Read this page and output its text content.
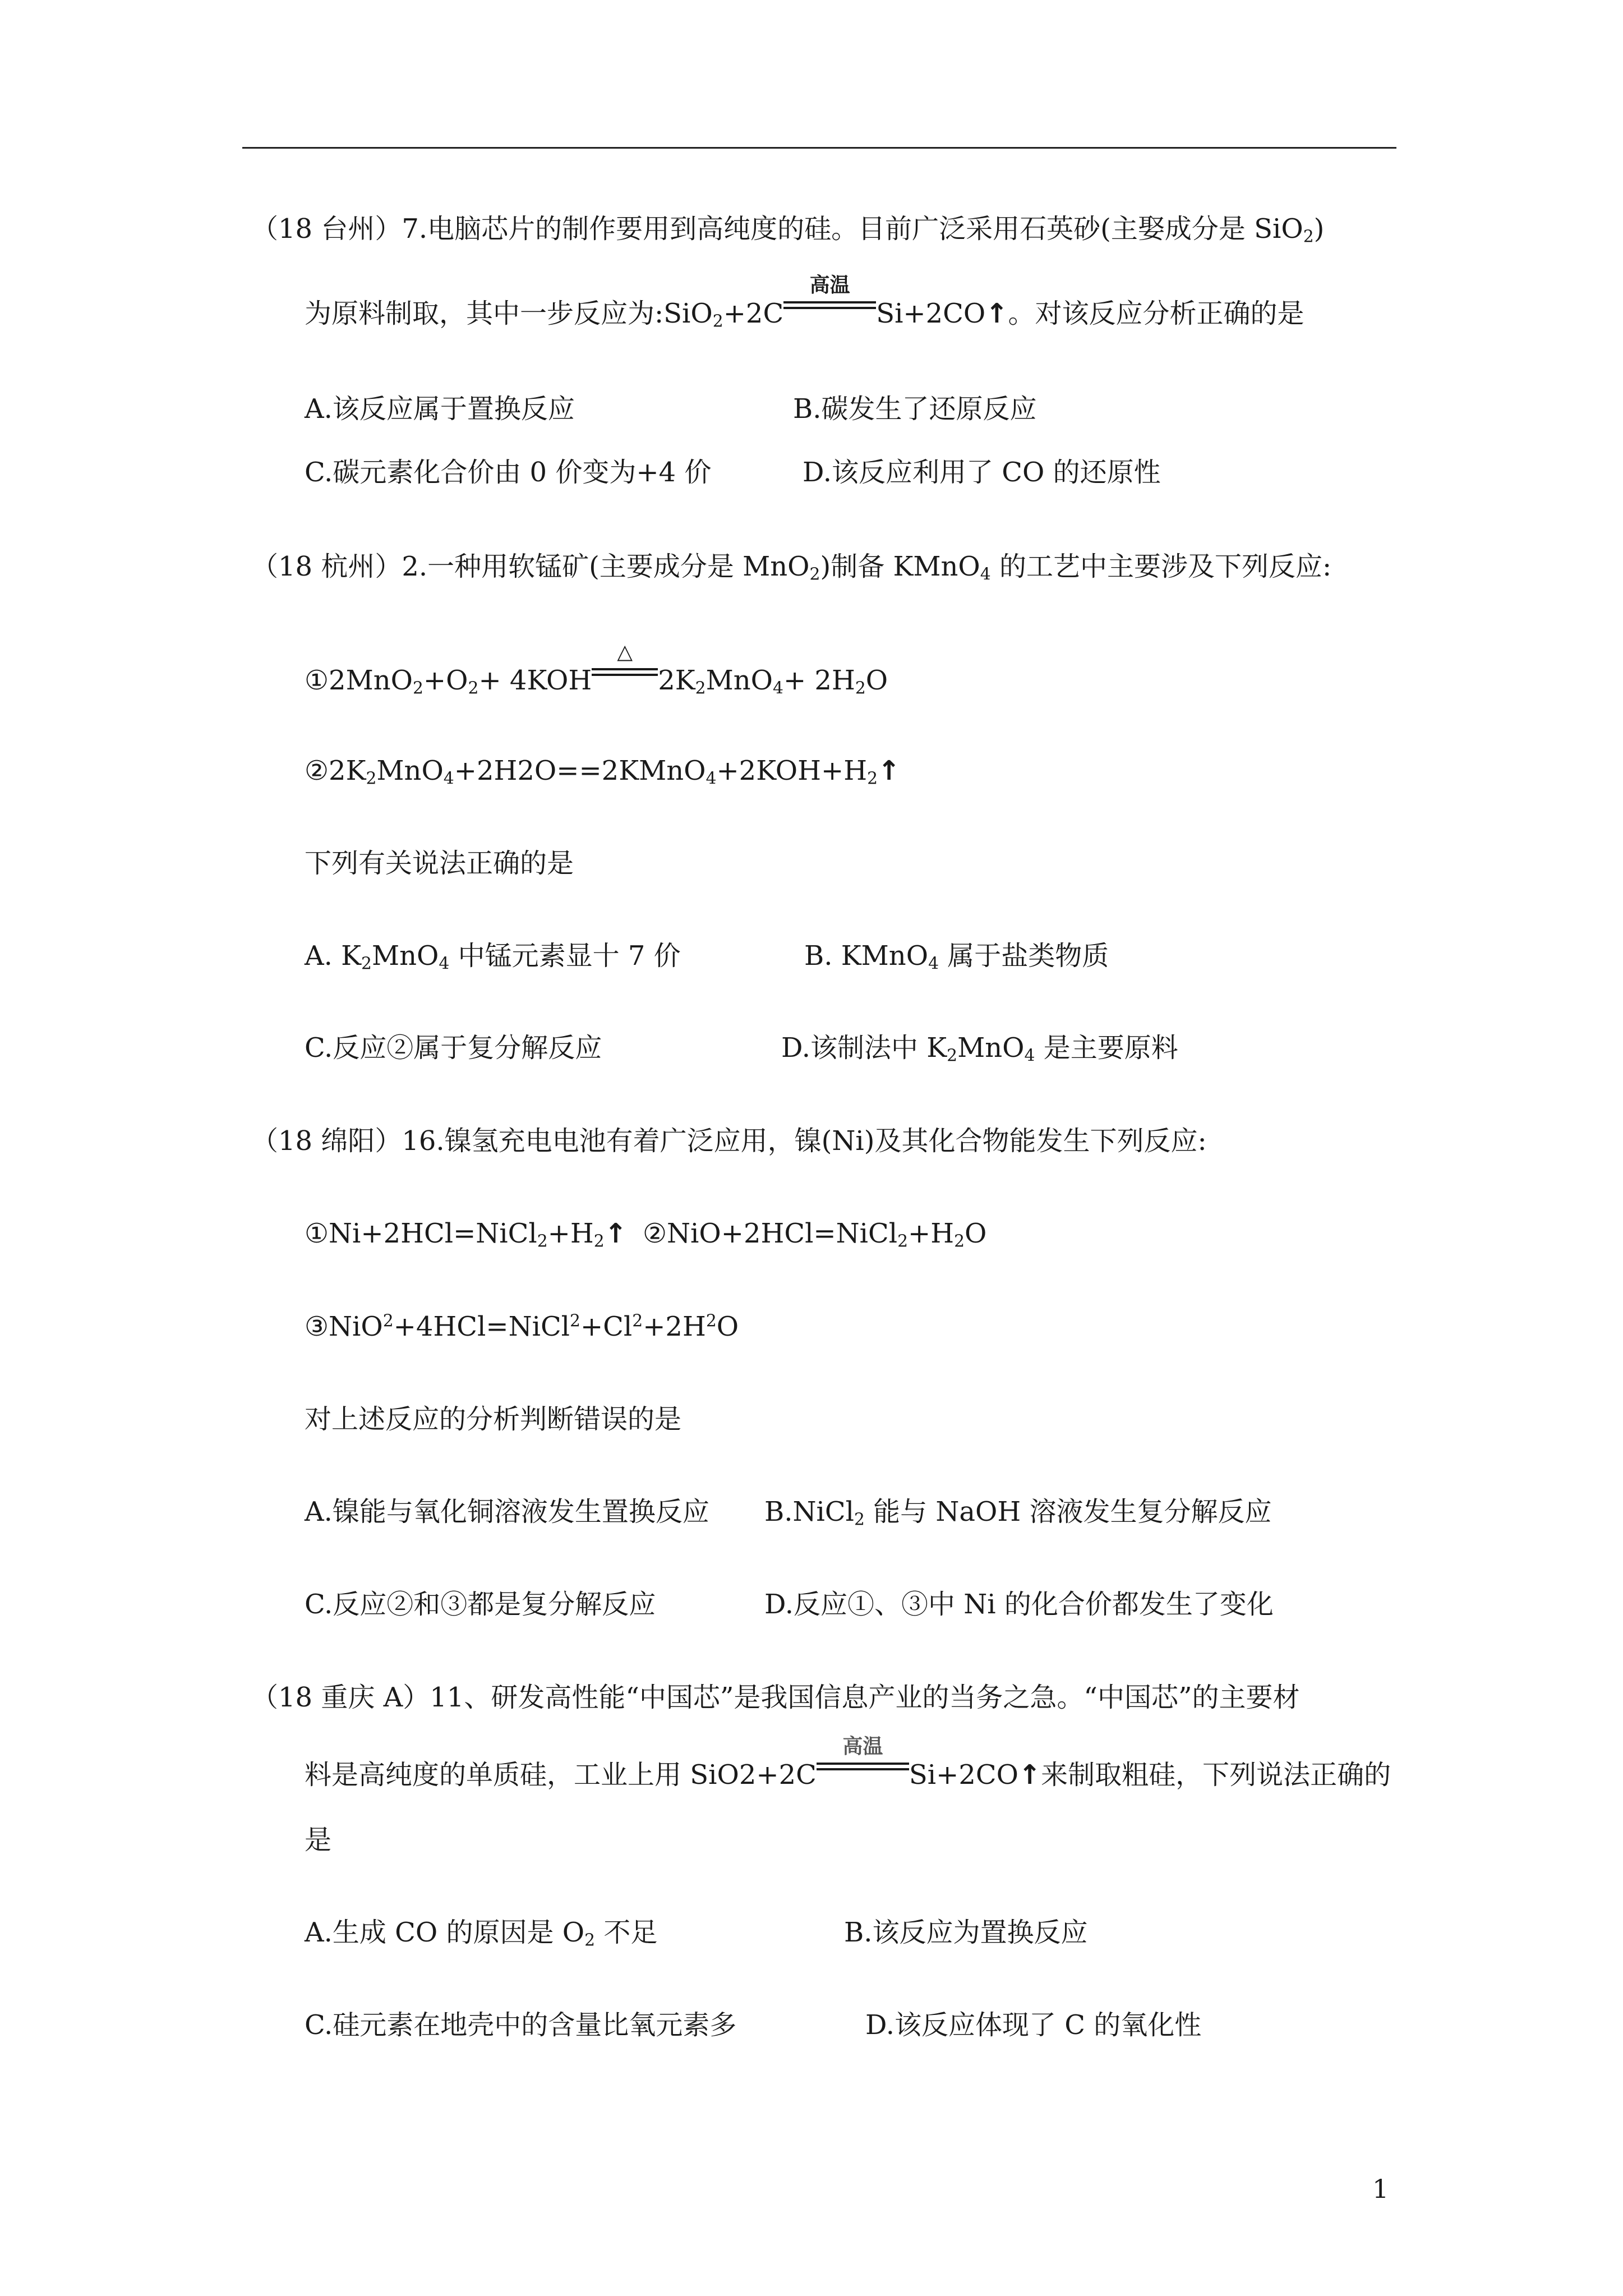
（18 台州）7.电脑芯片的制作要用到高纯度的硅。目前广泛采用石英砂(主娶成分是 SiO$_2$)
为原料制取，其中一步反应为:SiO$_2$+2C
高温
Si+2CO↑。对该反应分析正确的是
A.该反应属于置换反应	B.碳发生了还原反应
C.碳元素化合价由 0 价变为+4 价	D.该反应利用了 CO 的还原性
（18 杭州）2.一种用软锰矿(主要成分是 MnO$_2$)制备 KMnO$_4$ 的工艺中主要涉及下列反应:
$①2MnO_2+O_2+ 4KOH$
△
$2K_2MnO_4+ 2H_2O$
$②2K_2MnO_4+2H2O==2KMnO_4+2KOH+H_2↑$
下列有关说法正确的是
A. $K_2MnO_4$ 中锰元素显十 7 价	B. KMnO$_4$ 属于盐类物质
C.反应②属于复分解反应	D.该制法中 $K_2MnO_4$ 是主要原料
（18 绵阳）16.镍氢充电电池有着广泛应用，镍(Ni)及其化合物能发生下列反应:
$①Ni+2HCl=NiCl_2+H_2↑$ $②NiO+2HCl=NiCl_2+H_2O$
$③NiO^2+4HCl=NiCl^2+Cl^2+2H^2O$
对上述反应的分析判断错误的是
A.镍能与氧化铜溶液发生置换反应 B.NiCl$_2$ 能与 NaOH 溶液发生复分解反应
C.反应②和③都是复分解反应	D.反应①、③中 Ni 的化合价都发生了变化
（18 重庆 A）11、研发高性能“中国芯”是我国信息产业的当务之急。“中国芯”的主要材
料是高纯度的单质硅，工业上用 SiO2+2C
高温
Si+2CO↑来制取粗硅，下列说法正确的
是
A.生成 CO 的原因是 $O_2$ 不足	B.该反应为置换反应
C.硅元素在地壳中的含量比氧元素多	D.该反应体现了 C 的氧化性
1
